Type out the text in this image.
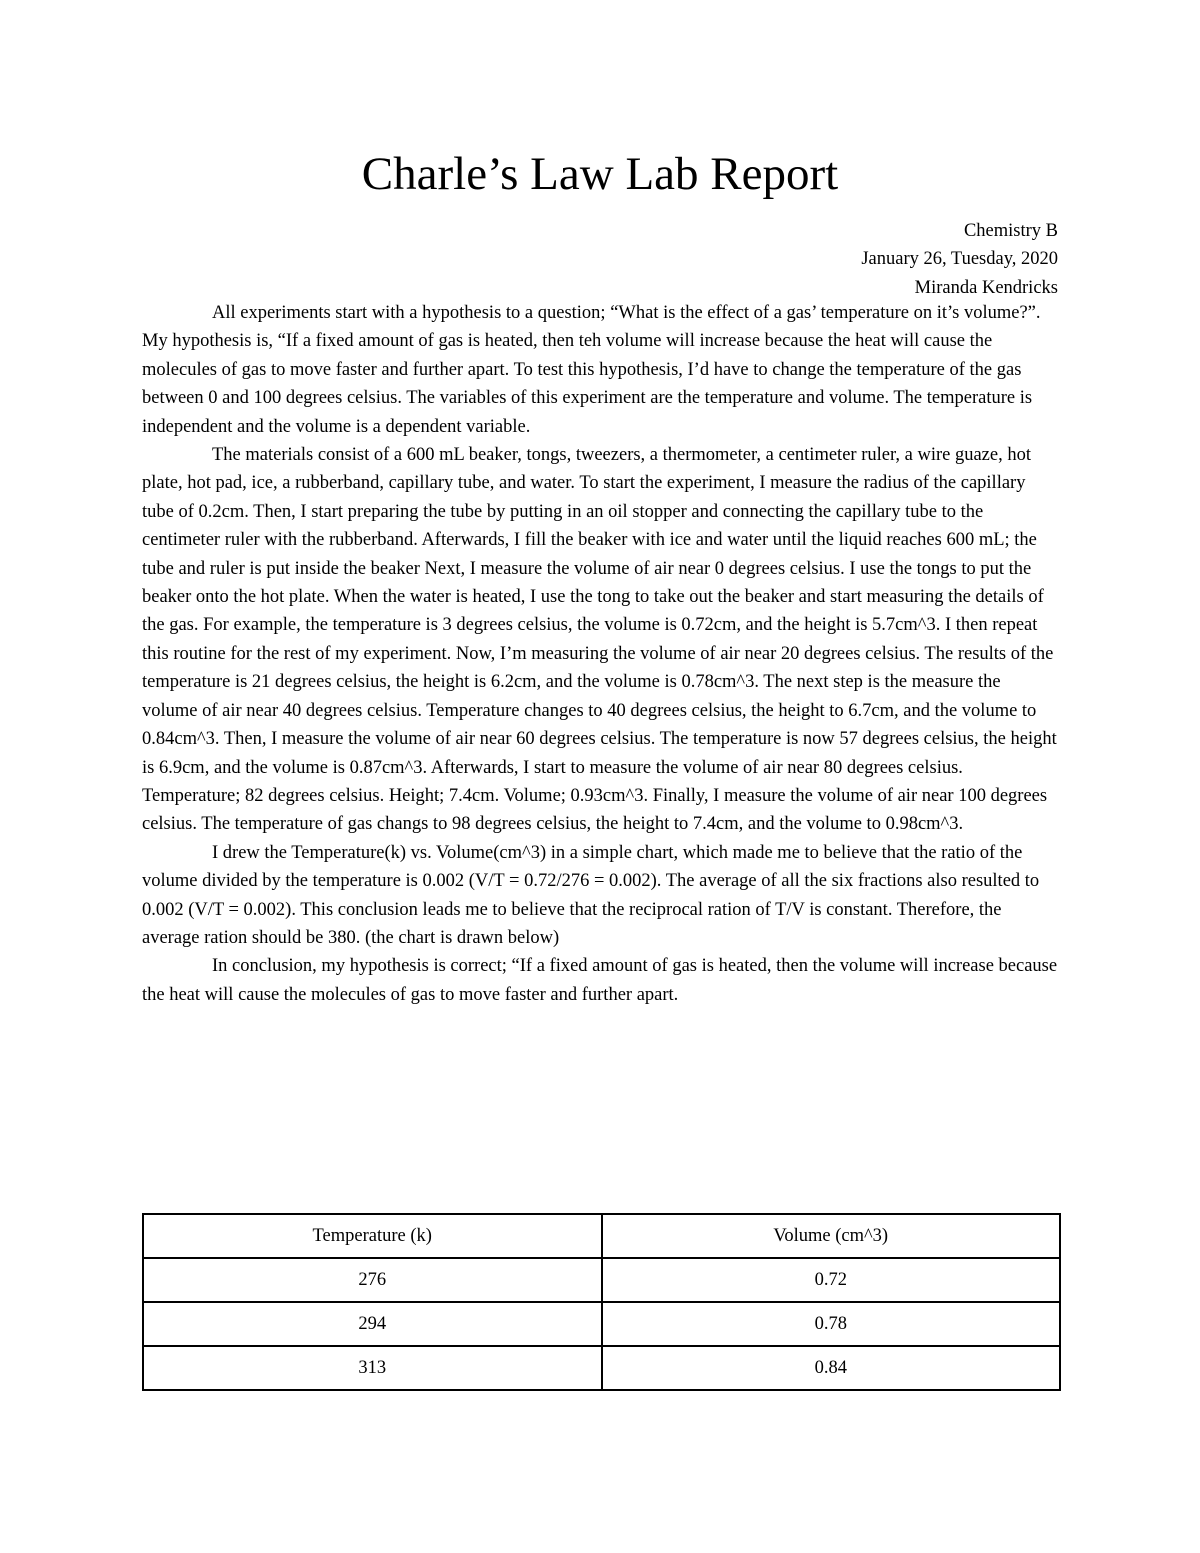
Charle’s Law Lab Report
Chemistry B
January 26, Tuesday, 2020
Miranda Kendricks

All experiments start with a hypothesis to a question; “What is the effect of a gas’ temperature on it’s volume?”. My hypothesis is, “If a fixed amount of gas is heated, then teh volume will increase because the heat will cause the molecules of gas to move faster and further apart. To test this hypothesis, I’d have to change the temperature of the gas between 0 and 100 degrees celsius. The variables of this experiment are the temperature and volume. The temperature is independent and the volume is a dependent variable.

The materials consist of a 600 mL beaker, tongs, tweezers, a thermometer, a centimeter ruler, a wire guaze, hot plate, hot pad, ice, a rubberband, capillary tube, and water. To start the experiment, I measure the radius of the capillary tube of 0.2cm. Then, I start preparing the tube by putting in an oil stopper and connecting the capillary tube to the centimeter ruler with the rubberband. Afterwards, I fill the beaker with ice and water until the liquid reaches 600 mL; the tube and ruler is put inside the beaker Next, I measure the volume of air near 0 degrees celsius. I use the tongs to put the beaker onto the hot plate. When the water is heated, I use the tong to take out the beaker and start measuring the details of the gas. For example, the temperature is 3 degrees celsius, the volume is 0.72cm, and the height is 5.7cm^3. I then repeat this routine for the rest of my experiment. Now, I’m measuring the volume of air near 20 degrees celsius. The results of the temperature is 21 degrees celsius, the height is 6.2cm, and the volume is 0.78cm^3. The next step is the measure the volume of air near 40 degrees celsius. Temperature changes to 40 degrees celsius, the height to 6.7cm, and the volume to 0.84cm^3. Then, I measure the volume of air near 60 degrees celsius. The temperature is now 57 degrees celsius, the height is 6.9cm, and the volume is 0.87cm^3. Afterwards, I start to measure the volume of air near 80 degrees celsius. Temperature; 82 degrees celsius. Height; 7.4cm. Volume; 0.93cm^3. Finally, I measure the volume of air near 100 degrees celsius. The temperature of gas changs to 98 degrees celsius, the height to 7.4cm, and the volume to 0.98cm^3.

I drew the Temperature(k) vs. Volume(cm^3) in a simple chart, which made me to believe that the ratio of the volume divided by the temperature is 0.002 (V/T = 0.72/276 = 0.002). The average of all the six fractions also resulted to 0.002 (V/T = 0.002). This conclusion leads me to believe that the reciprocal ration of T/V is constant. Therefore, the average ration should be 380. (the chart is drawn below)

In conclusion, my hypothesis is correct; “If a fixed amount of gas is heated, then the volume will increase because the heat will cause the molecules of gas to move faster and further apart.

Temperature (k)	Volume (cm^3)
276	0.72
294	0.78
313	0.84
